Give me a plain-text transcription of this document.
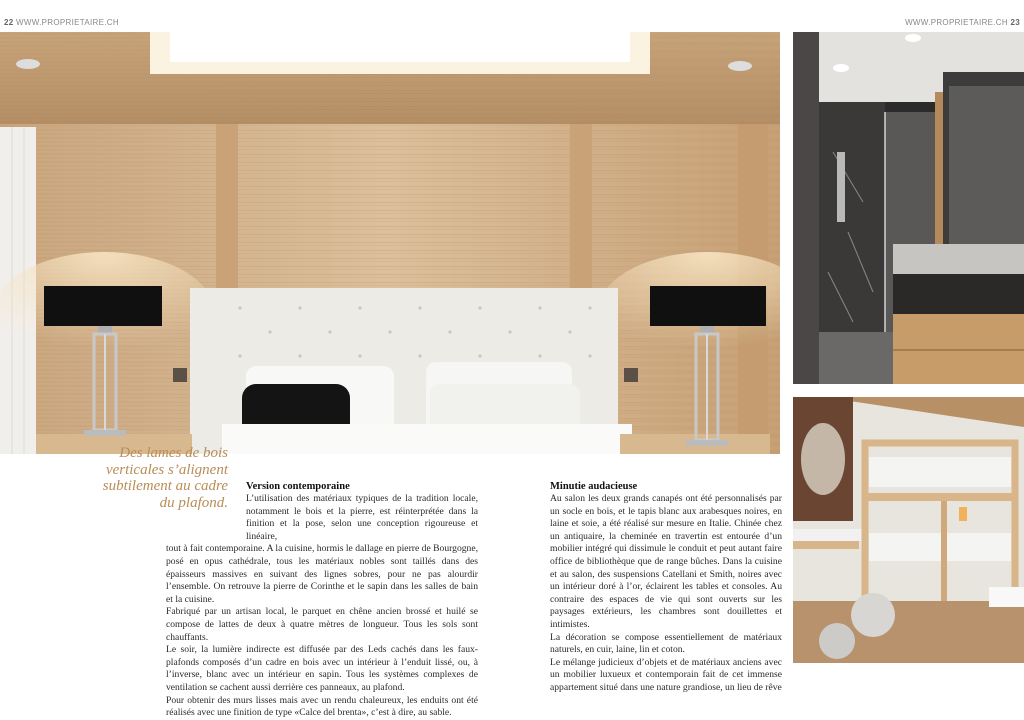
22 WWW.PROPRIETAIRE.CH	WWW.PROPRIETAIRE.CH 23
Des lames de bois verticales s’alignent subtilement au cadre du plafond.
Version contemporaine

L’utilisation des matériaux typiques de la tradition locale, notamment le bois et la pierre, est réinterprétée dans la finition et la pose, selon une conception rigoureuse et linéaire,

tout à fait contemporaine. A la cuisine, hormis le dallage en pierre de Bourgogne, posé en opus cathédrale, tous les matériaux nobles sont taillés dans des épaisseurs massives en suivant des lignes sobres, pour ne pas alourdir l’ensemble. On retrouve la pierre de Corinthe et le sapin dans les salles de bain et la cuisine.

Fabriqué par un artisan local, le parquet en chêne ancien brossé et huilé se compose de lattes de deux à quatre mètres de longueur. Tous les sols sont chauffants.

Le soir, la lumière indirecte est diffusée par des Leds cachés dans les faux-plafonds composés d’un cadre en bois avec un intérieur à l’enduit lissé, ou, à l’inverse, blanc avec un intérieur en sapin. Tous les systèmes complexes de ventilation se cachent aussi derrière ces panneaux, au plafond.

Pour obtenir des murs lisses mais avec un rendu chaleureux, les enduits ont été réalisés avec une finition de type «Calce del brenta», c’est à dire, au sable.

Minutie audacieuse

Au salon les deux grands canapés ont été personnalisés par un socle en bois, et le tapis blanc aux arabesques noires, en laine et soie, a été réalisé sur mesure en Italie. Chinée chez un antiquaire, la cheminée en travertin est entourée d’un mobilier intégré qui dissimule le conduit et peut autant faire office de bibliothèque que de range bûches. Dans la cuisine et au salon, des suspensions Catellani et Smith, noires avec un intérieur doré à l’or, éclairent les tables et consoles. Au contraire des espaces de vie qui sont ouverts sur les paysages extérieurs, les chambres sont douillettes et intimistes.

La décoration se compose essentiellement de matériaux naturels, en cuir, laine, lin et coton.

Le mélange judicieux d’objets et de matériaux anciens avec un mobilier luxueux et contemporain fait de cet immense appartement situé dans une nature grandiose, un lieu de rêve
